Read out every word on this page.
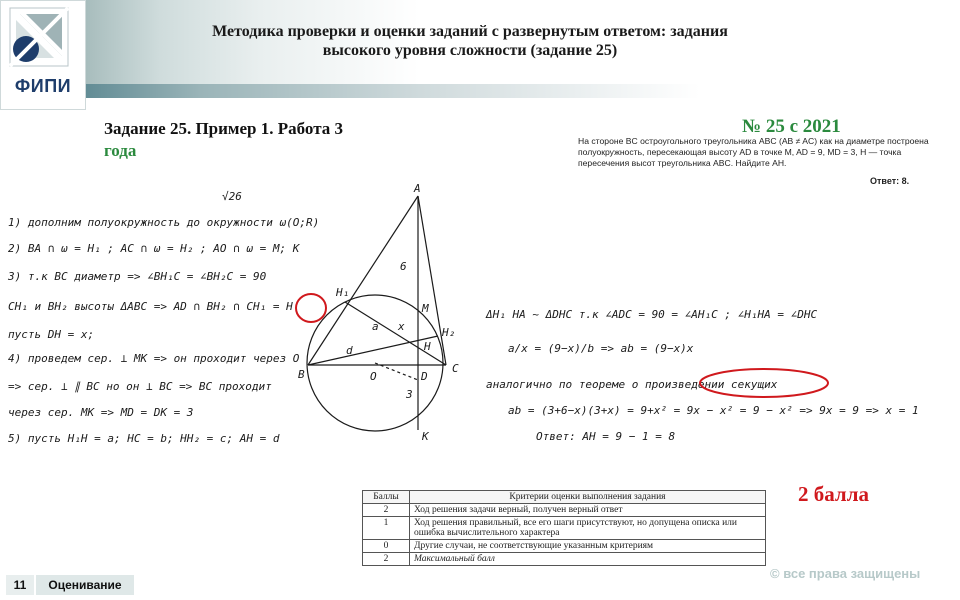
ФИПИ
Методика проверки и оценки заданий с развернутым ответом: задания
высокого уровня сложности (задание 25)
Задание 25. Пример 1. Работа 3
года
№ 25 с 2021
На стороне BC остроугольного треугольника ABC (AB ≠ AC) как на диаметре построена полуокружность, пересекающая высоту AD в точке M, AD = 9, MD = 3, H — точка пересечения высот треугольника ABC. Найдите AH.
Ответ: 8.
√26
1) дополним полуокружность до окружности ω(O;R)
2) BA ∩ ω = H₁ ; AC ∩ ω = H₂ ; AO ∩ ω = M; K
3) т.к BC диаметр => ∠BH₁C = ∠BH₂C = 90
CH₁ и BH₂ высоты ΔABC => AD ∩ BH₂ ∩ CH₁ = H
пусть DH = x;
4) проведем сер. ⊥ MK => он проходит через O
=> сер. ⊥ ∥ BC но он ⊥ BC => BC проходит
через сер. MK => MD = DK = 3
5) пусть H₁H = a; HC = b; HH₂ = c; AH = d
A
B	C
D
O
M
K
H
H₁
H₂
a
d
6
x
3
ΔH₁ HA ~ ΔDHC т.к ∠ADC = 90 = ∠AH₁C ; ∠H₁HA = ∠DHC
a/x = (9−x)/b => ab = (9−x)x
аналогично по теореме о произведении секущих
ab = (3+6−x)(3+x) = 9+x² = 9x − x² = 9 − x² => 9x = 9 => x = 1
Ответ: AH = 9 − 1 = 8
2 балла
Баллы	Критерии оценки выполнения задания
2	Ход решения задачи верный, получен верный ответ
1	Ход решения правильный, все его шаги присутствуют, но допущена описка или ошибка вычислительного характера
0	Другие случаи, не соответствующие указанным критериям
2	Максимальный балл
11	Оценивание
© все права защищены
